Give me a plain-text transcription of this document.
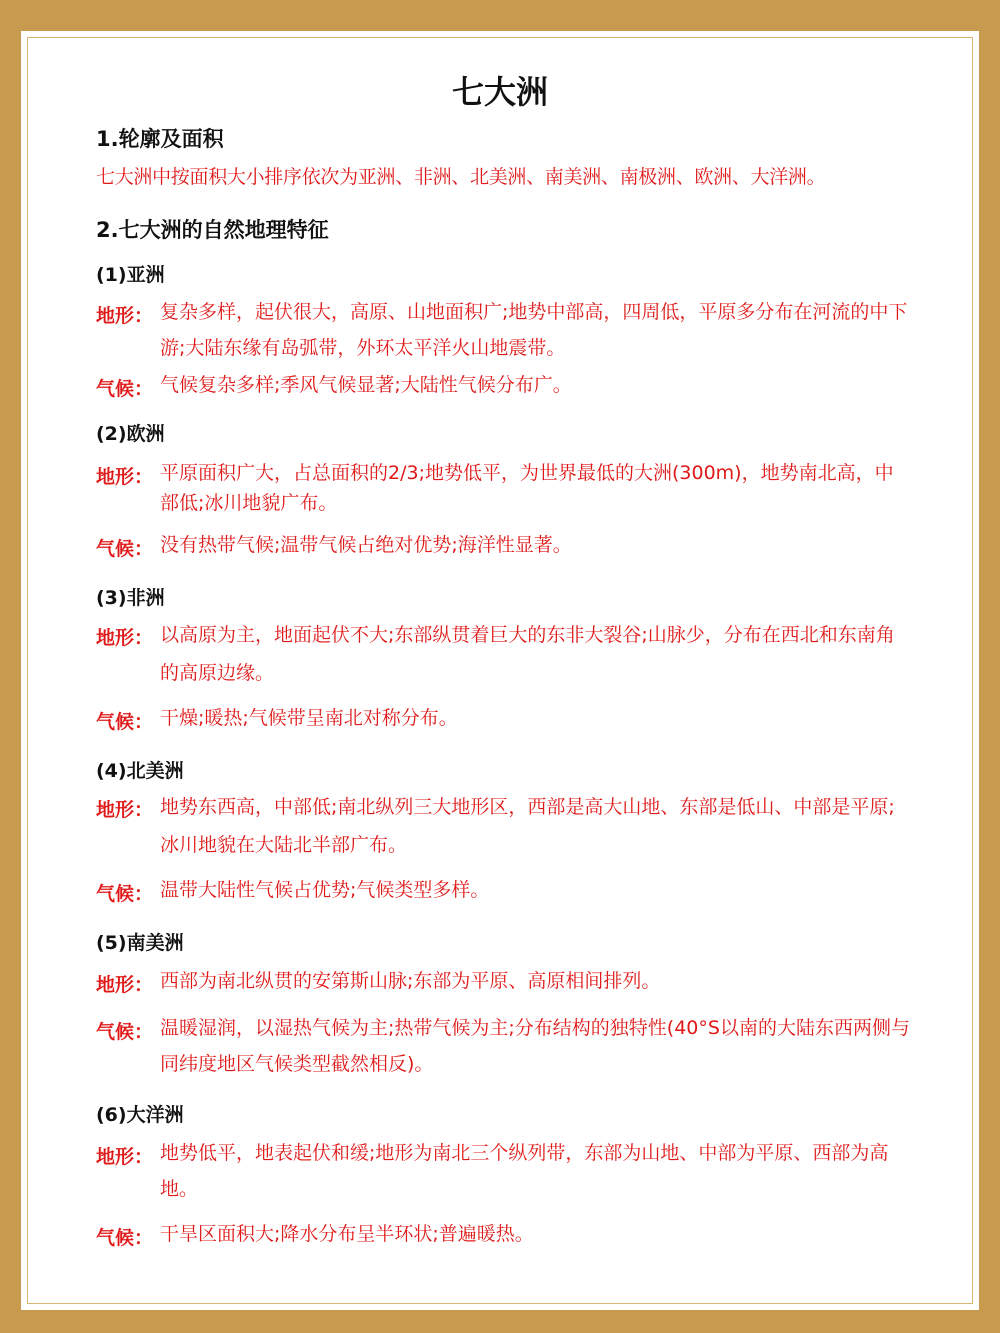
七大洲
1.轮廓及面积
七大洲中按面积大小排序依次为亚洲、非洲、北美洲、南美洲、南极洲、欧洲、大洋洲。
2.七大洲的自然地理特征
(1)亚洲
地形： 复杂多样，起伏很大，高原、山地面积广;地势中部高，四周低，平原多分布在河流的中下游;大陆东缘有岛弧带，外环太平洋火山地震带。
气候： 气候复杂多样;季风气候显著;大陆性气候分布广。
(2)欧洲
地形： 平原面积广大，占总面积的2/3;地势低平，为世界最低的大洲(300m)，地势南北高，中部低;冰川地貌广布。
气候： 没有热带气候;温带气候占绝对优势;海洋性显著。
(3)非洲
地形： 以高原为主，地面起伏不大;东部纵贯着巨大的东非大裂谷;山脉少，分布在西北和东南角的高原边缘。
气候： 干燥;暖热;气候带呈南北对称分布。
(4)北美洲
地形： 地势东西高，中部低;南北纵列三大地形区，西部是高大山地、东部是低山、中部是平原;冰川地貌在大陆北半部广布。
气候： 温带大陆性气候占优势;气候类型多样。
(5)南美洲
地形： 西部为南北纵贯的安第斯山脉;东部为平原、高原相间排列。
气候： 温暖湿润，以湿热气候为主;热带气候为主;分布结构的独特性(40°S以南的大陆东西两侧与同纬度地区气候类型截然相反)。
(6)大洋洲
地形： 地势低平，地表起伏和缓;地形为南北三个纵列带，东部为山地、中部为平原、西部为高地。
气候： 干旱区面积大;降水分布呈半环状;普遍暖热。
